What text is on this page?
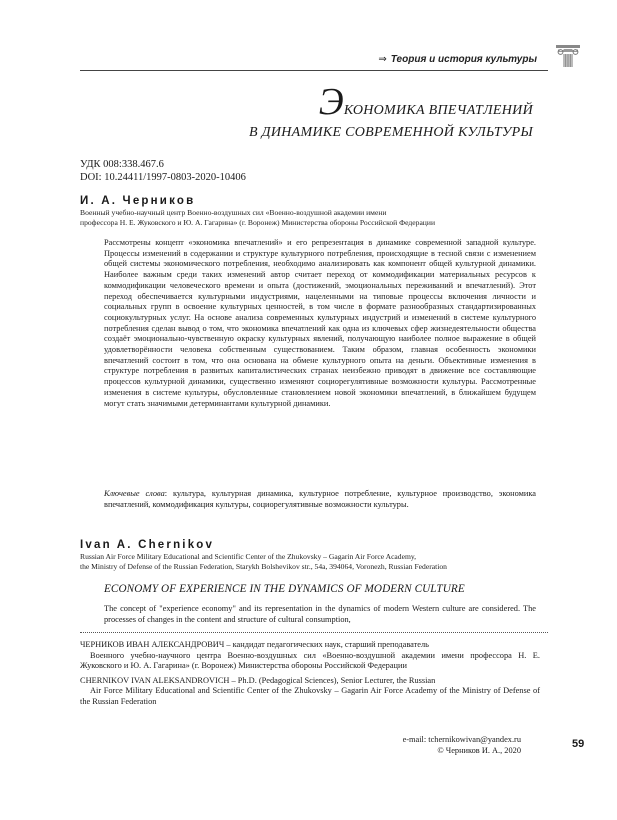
⇒ Теория и история культуры
ЭКОНОМИКА ВПЕЧАТЛЕНИЙ
В ДИНАМИКЕ СОВРЕМЕННОЙ КУЛЬТУРЫ
УДК 008:338.467.6
DOI: 10.24411/1997-0803-2020-10406
И. А. Черников
Военный учебно-научный центр Военно-воздушных сил «Военно-воздушной академии имени
профессора Н. Е. Жуковского и Ю. А. Гагарина» (г. Воронеж) Министерства обороны Российской Федерации

Рассмотрены концепт «экономика впечатлений» и его репрезентация в динамике современной западной культуре. Процессы изменений в содержании и структуре культурного потребления, происходящие в тесной связи с изменением общей системы экономического потребления, необходимо анализировать как компонент общей культурной динамики. Наиболее важным среди таких изменений автор считает переход от коммодификации материальных ресурсов к коммодификации человеческого времени и опыта (достижений, эмоциональных переживаний и впечатлений). Этот переход обеспечивается культурными индустриями, нацеленными на типовые процессы включения личности и социальных групп в освоение культурных ценностей, в том числе в формате разнообразных стандартизированных социокультурных услуг. На основе анализа современных культурных индустрий и изменений в системе культурного потребления сделан вывод о том, что экономика впечатлений как одна из ключевых сфер жизнедеятельности общества создаёт эмоционально-чувственную окраску культурных явлений, получающую наиболее полное выражение в общей удовлетворённости человека собственным существованием. Таким образом, главная особенность экономики впечатлений состоит в том, что она основана на обмене культурного опыта на деньги. Объективные изменения в структуре потребления в развитых капиталистических странах неизбежно приводят в движение все составляющие процессов культурной динамики, существенно изменяют социорегулятивные возможности культуры. Рассмотренные изменения в системе культуры, обусловленные становлением новой экономики впечатлений, в ближайшем будущем могут стать значимыми детерминантами культурной динамики.

Ключевые слова: культура, культурная динамика, культурное потребление, культурное производство, экономика впечатлений, коммодификация культуры, социорегулятивные возможности культуры.
Ivan A. Chernikov
Russian Air Force Military Educational and Scientific Center of the Zhukovsky – Gagarin Air Force Academy,
the Ministry of Defense of the Russian Federation, Starykh Bolshevikov str., 54a, 394064, Voronezh, Russian Federation
ECONOMY OF EXPERIENCE IN THE DYNAMICS OF MODERN CULTURE

The concept of "experience economy" and its representation in the dynamics of modern Western culture are considered. The processes of changes in the content and structure of cultural consumption,

ЧЕРНИКОВ ИВАН АЛЕКСАНДРОВИЧ – кандидат педагогических наук, старший преподаватель
Военного учебно-научного центра Военно-воздушных сил «Военно-воздушной академии имени профессора Н. Е. Жуковского и Ю. А. Гагарина» (г. Воронеж) Министерства обороны Российской Федерации

CHERNIKOV IVAN ALEKSANDROVICH – Ph.D. (Pedagogical Sciences), Senior Lecturer, the Russian
Air Force Military Educational and Scientific Center of the Zhukovsky – Gagarin Air Force Academy of the Ministry of Defense of the Russian Federation

e-mail: tchernikowivan@yandex.ru
© Черников И. А., 2020
59
